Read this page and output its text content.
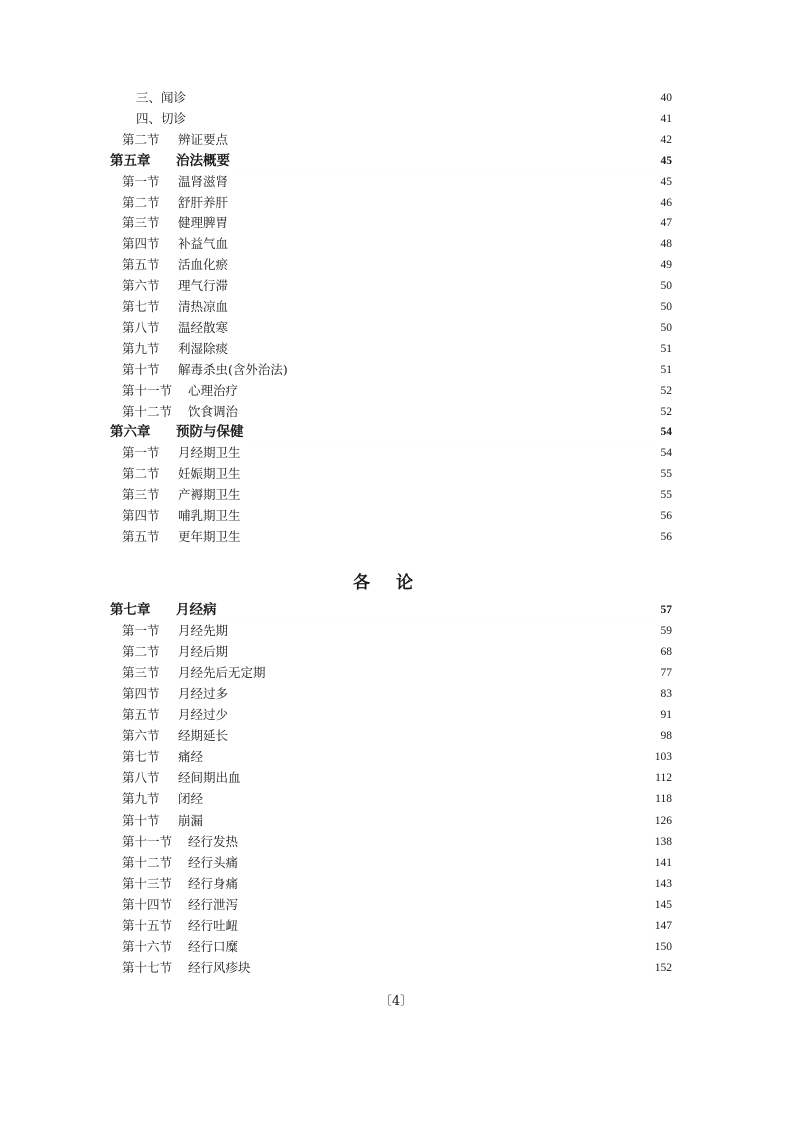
三、闻诊	40
四、切诊	41
第二节 辨证要点	42
第五章 治法概要	45
第一节 温肾滋肾	45
第二节 舒肝养肝	46
第三节 健理脾胃	47
第四节 补益气血	48
第五节 活血化瘀	49
第六节 理气行滞	50
第七节 清热凉血	50
第八节 温经散寒	50
第九节 利湿除痰	51
第十节 解毒杀虫(含外治法)	51
第十一节 心理治疗	52
第十二节 饮食调治	52
第六章 预防与保健	54
第一节 月经期卫生	54
第二节 妊娠期卫生	55
第三节 产褥期卫生	55
第四节 哺乳期卫生	56
第五节 更年期卫生	56
各论
第七章 月经病	57
第一节 月经先期	59
第二节 月经后期	68
第三节 月经先后无定期	77
第四节 月经过多	83
第五节 月经过少	91
第六节 经期延长	98
第七节 痛经	103
第八节 经间期出血	112
第九节 闭经	118
第十节 崩漏	126
第十一节 经行发热	138
第十二节 经行头痛	141
第十三节 经行身痛	143
第十四节 经行泄泻	145
第十五节 经行吐衄	147
第十六节 经行口糜	150
第十七节 经行风疹块	152
〔4〕
